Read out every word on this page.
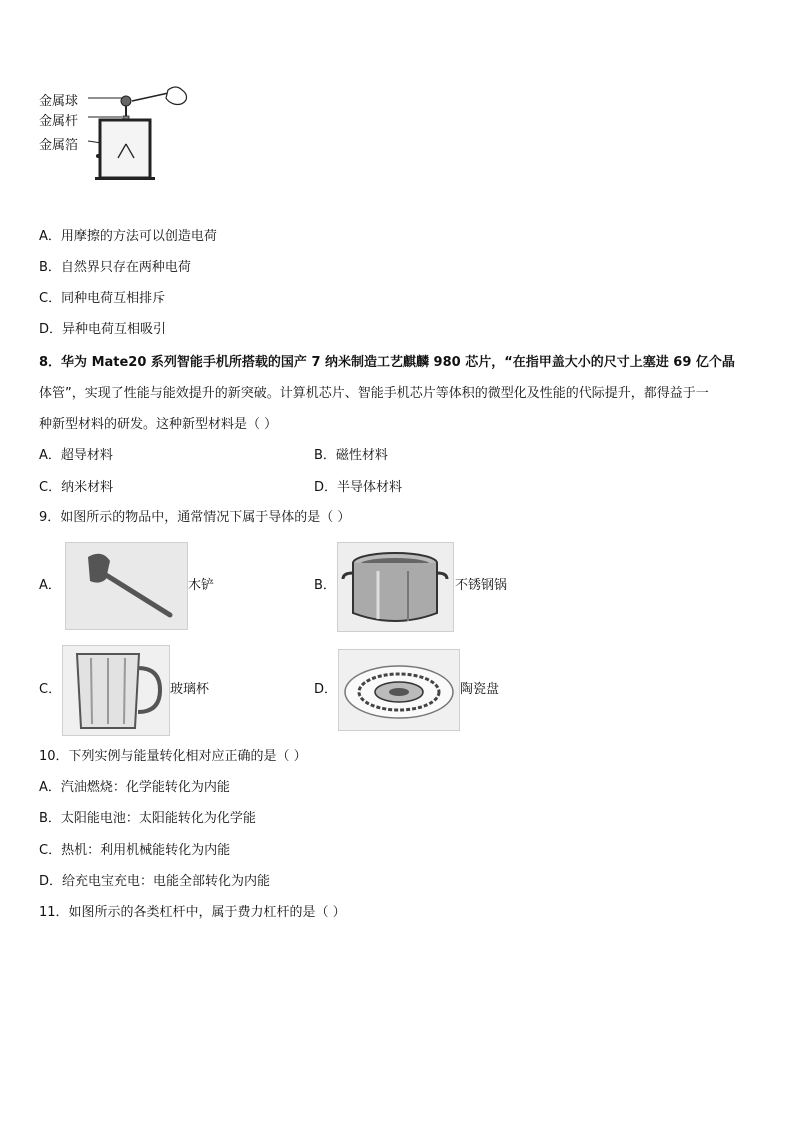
金属球
金属杆
金属箔
A．用摩擦的方法可以创造电荷
B．自然界只存在两种电荷
C．同种电荷互相排斥
D．异种电荷互相吸引
8．华为 Mate20 系列智能手机所搭载的国产 7 纳米制造工艺麒麟 980 芯片，“在指甲盖大小的尺寸上塞进 69 亿个晶
体管”，实现了性能与能效提升的新突破。计算机芯片、智能手机芯片等体积的微型化及性能的代际提升，都得益于一
种新型材料的研发。这种新型材料是（ ）
A．超导材料	B．磁性材料
C．纳米材料	D．半导体材料
9．如图所示的物品中，通常情况下属于导体的是（ ）
A．	木铲	B．	不锈钢锅
C．	玻璃杯	D．	陶瓷盘
10．下列实例与能量转化相对应正确的是（ ）
A．汽油燃烧：化学能转化为内能
B．太阳能电池：太阳能转化为化学能
C．热机：利用机械能转化为内能
D．给充电宝充电：电能全部转化为内能
11．如图所示的各类杠杆中，属于费力杠杆的是（ ）
